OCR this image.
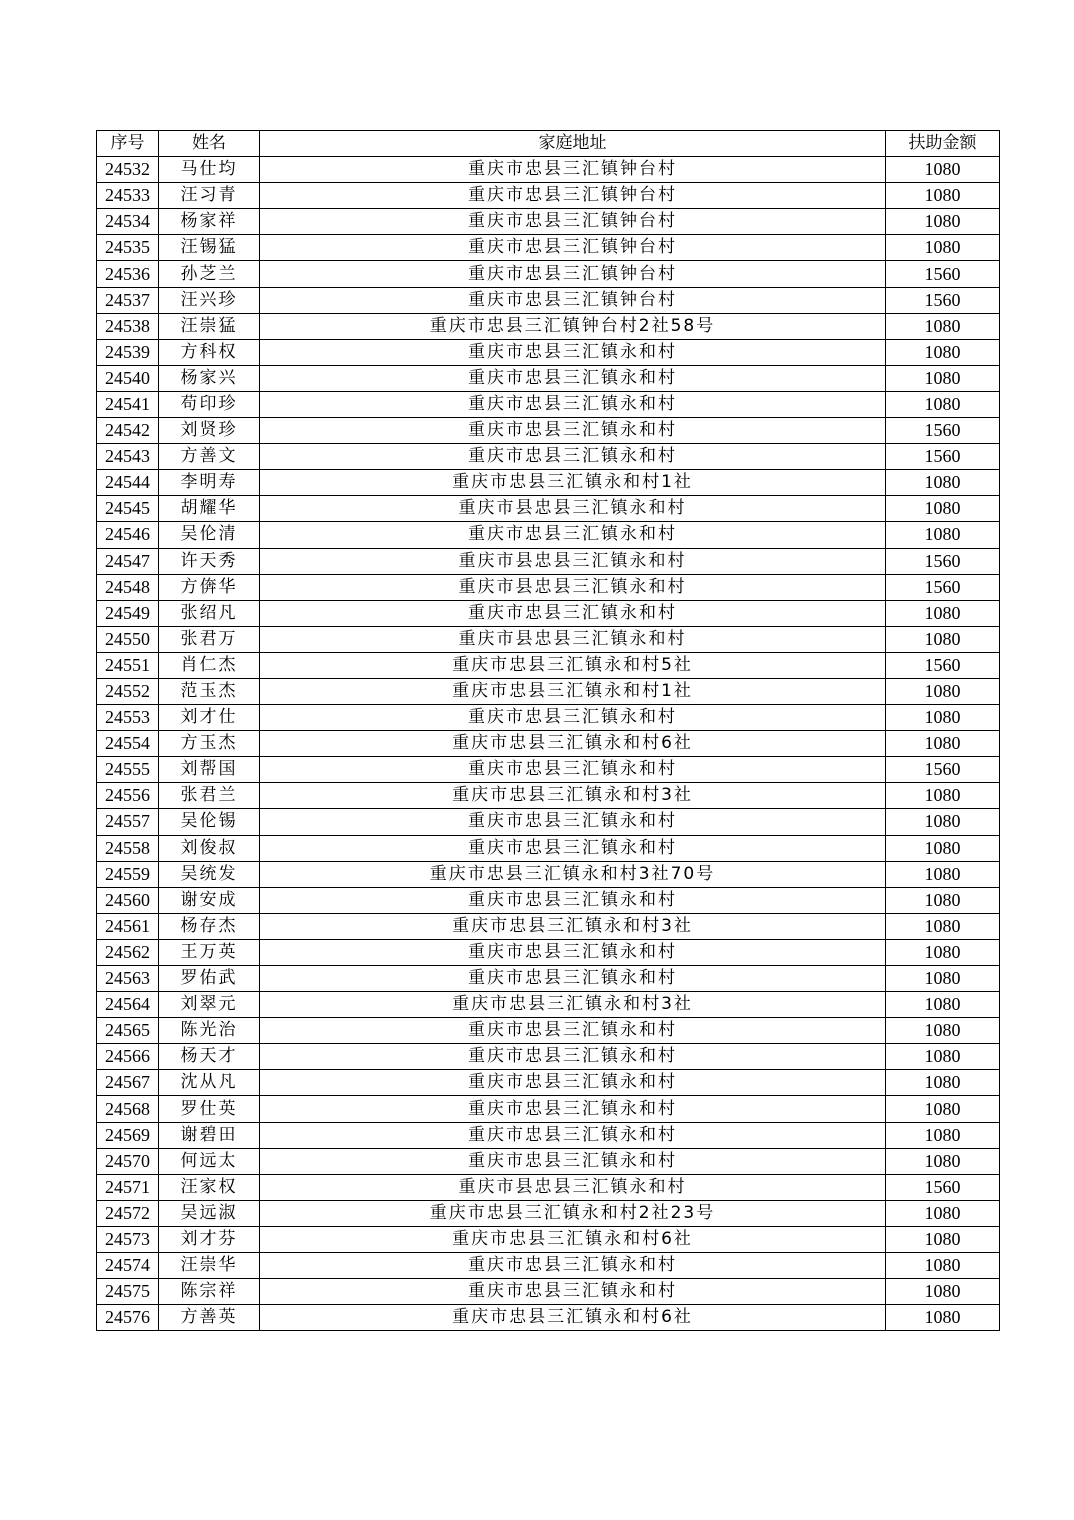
序号	姓名	家庭地址	扶助金额
24532	马仕均	重庆市忠县三汇镇钟台村	1080
24533	汪习青	重庆市忠县三汇镇钟台村	1080
24534	杨家祥	重庆市忠县三汇镇钟台村	1080
24535	汪锡猛	重庆市忠县三汇镇钟台村	1080
24536	孙芝兰	重庆市忠县三汇镇钟台村	1560
24537	汪兴珍	重庆市忠县三汇镇钟台村	1560
24538	汪崇猛	重庆市忠县三汇镇钟台村2社58号	1080
24539	方科权	重庆市忠县三汇镇永和村	1080
24540	杨家兴	重庆市忠县三汇镇永和村	1080
24541	苟印珍	重庆市忠县三汇镇永和村	1080
24542	刘贤珍	重庆市忠县三汇镇永和村	1560
24543	方善文	重庆市忠县三汇镇永和村	1560
24544	李明寿	重庆市忠县三汇镇永和村1社	1080
24545	胡耀华	重庆市县忠县三汇镇永和村	1080
24546	吴伦清	重庆市忠县三汇镇永和村	1080
24547	许天秀	重庆市县忠县三汇镇永和村	1560
24548	方倴华	重庆市县忠县三汇镇永和村	1560
24549	张绍凡	重庆市忠县三汇镇永和村	1080
24550	张君万	重庆市县忠县三汇镇永和村	1080
24551	肖仁杰	重庆市忠县三汇镇永和村5社	1560
24552	范玉杰	重庆市忠县三汇镇永和村1社	1080
24553	刘才仕	重庆市忠县三汇镇永和村	1080
24554	方玉杰	重庆市忠县三汇镇永和村6社	1080
24555	刘帮国	重庆市忠县三汇镇永和村	1560
24556	张君兰	重庆市忠县三汇镇永和村3社	1080
24557	吴伦锡	重庆市忠县三汇镇永和村	1080
24558	刘俊叔	重庆市忠县三汇镇永和村	1080
24559	吴统发	重庆市忠县三汇镇永和村3社70号	1080
24560	谢安成	重庆市忠县三汇镇永和村	1080
24561	杨存杰	重庆市忠县三汇镇永和村3社	1080
24562	王万英	重庆市忠县三汇镇永和村	1080
24563	罗佑武	重庆市忠县三汇镇永和村	1080
24564	刘翠元	重庆市忠县三汇镇永和村3社	1080
24565	陈光治	重庆市忠县三汇镇永和村	1080
24566	杨天才	重庆市忠县三汇镇永和村	1080
24567	沈从凡	重庆市忠县三汇镇永和村	1080
24568	罗仕英	重庆市忠县三汇镇永和村	1080
24569	谢碧田	重庆市忠县三汇镇永和村	1080
24570	何远太	重庆市忠县三汇镇永和村	1080
24571	汪家权	重庆市县忠县三汇镇永和村	1560
24572	吴远淑	重庆市忠县三汇镇永和村2社23号	1080
24573	刘才芬	重庆市忠县三汇镇永和村6社	1080
24574	汪崇华	重庆市忠县三汇镇永和村	1080
24575	陈宗祥	重庆市忠县三汇镇永和村	1080
24576	方善英	重庆市忠县三汇镇永和村6社	1080
